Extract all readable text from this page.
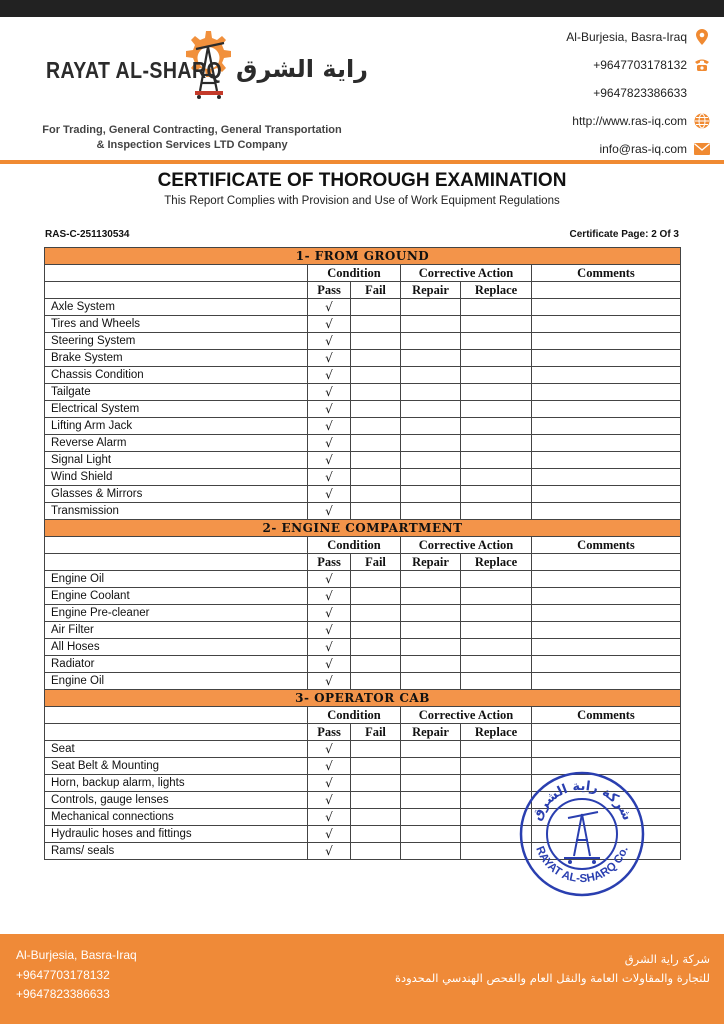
RAYAT AL-SHARQ راية الشرق
For Trading, General Contracting, General Transportation
& Inspection Services LTD Company
Al-Burjesia, Basra-Iraq
+9647703178132
+9647823386633
http://www.ras-iq.com
info@ras-iq.com
CERTIFICATE OF THOROUGH EXAMINATION
This Report Complies with Provision and Use of Work Equipment Regulations
RAS-C-251130534	Certificate Page: 2 Of 3
1- FROM GROUND					
	Condition		Corrective Action		Comments
	Pass	Fail	Repair	Replace	
Axle System	√				
Tires and Wheels	√				
Steering System	√				
Brake System	√				
Chassis Condition	√				
Tailgate	√				
Electrical System	√				
Lifting Arm Jack	√				
Reverse Alarm	√				
Signal Light	√				
Wind Shield	√				
Glasses & Mirrors	√				
Transmission	√				
2- ENGINE COMPARTMENT					
	Condition		Corrective Action		Comments
	Pass	Fail	Repair	Replace	
Engine Oil	√				
Engine Coolant	√				
Engine Pre-cleaner	√				
Air Filter	√				
All Hoses	√				
Radiator	√				
Engine Oil	√				
3- OPERATOR CAB					
	Condition		Corrective Action		Comments
	Pass	Fail	Repair	Replace	
Seat	√				
Seat Belt & Mounting	√				
Horn, backup alarm, lights	√				
Controls, gauge lenses	√				
Mechanical connections	√				
Hydraulic hoses and fittings	√				
Rams/ seals	√				
شركة راية الشرق
RAYAT AL-SHARQ Co.
Al-Burjesia, Basra-Iraq
+9647703178132
+9647823386633
شركة راية الشرق
للتجارة والمقاولات العامة والنقل العام والفحص الهندسي المحدودة
